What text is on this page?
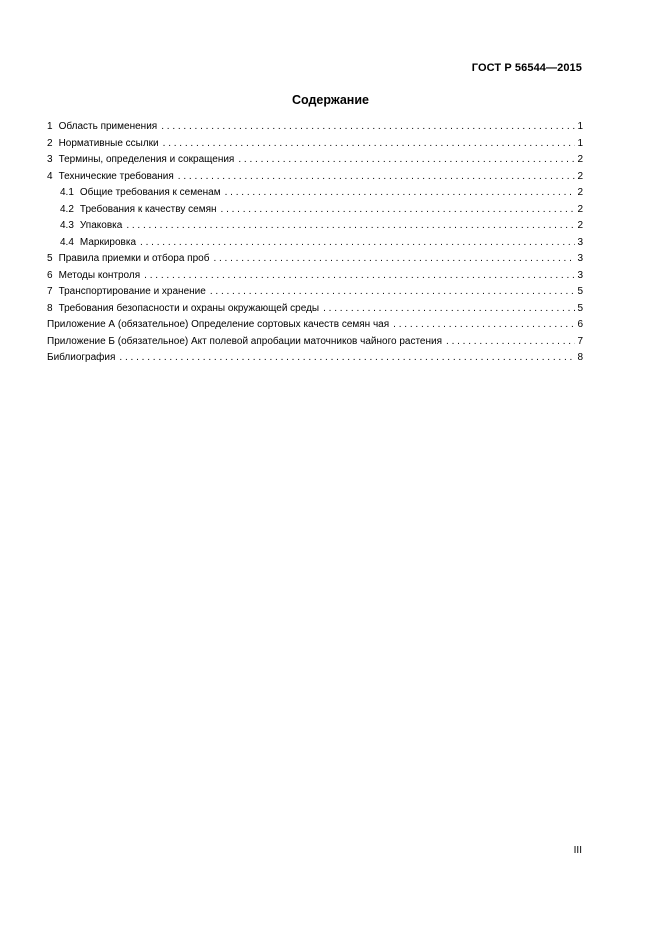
ГОСТ Р 56544—2015
Содержание
1 Область применения . . .	1
2 Нормативные ссылки . . .	1
3 Термины, определения и сокращения . . .	2
4 Технические требования . . .	2
4.1 Общие требования к семенам . . .	2
4.2 Требования к качеству семян . . .	2
4.3 Упаковка . . .	2
4.4 Маркировка . . .	3
5 Правила приемки и отбора проб . . .	3
6 Методы контроля . . .	3
7 Транспортирование и хранение . . .	5
8 Требования безопасности и охраны окружающей среды . . .	5
Приложение А (обязательное) Определение сортовых качеств семян чая . . .	6
Приложение Б (обязательное) Акт полевой апробации маточников чайного растения . . .	7
Библиография . . .	8
III
